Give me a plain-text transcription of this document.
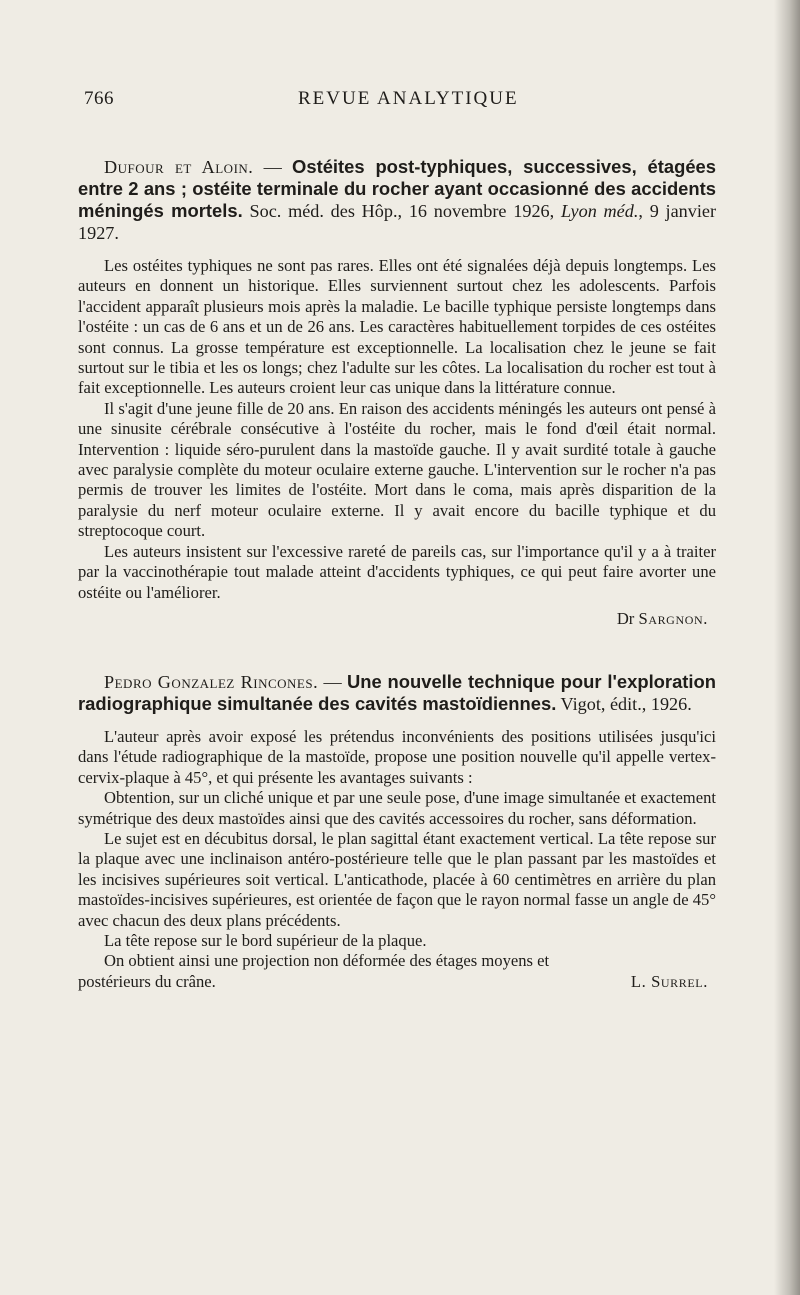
766	REVUE ANALYTIQUE
Dufour et Aloin. — Ostéites post-typhiques, successives, étagées entre 2 ans ; ostéite terminale du rocher ayant occasionné des accidents méningés mortels. Soc. méd. des Hôp., 16 novembre 1926, Lyon méd., 9 janvier 1927.

Les ostéites typhiques ne sont pas rares. Elles ont été signalées déjà depuis longtemps. Les auteurs en donnent un historique. Elles surviennent surtout chez les adolescents. Parfois l'accident apparaît plusieurs mois après la maladie. Le bacille typhique persiste longtemps dans l'ostéite : un cas de 6 ans et un de 26 ans. Les caractères habituellement torpides de ces ostéites sont connus. La grosse température est exceptionnelle. La localisation chez le jeune se fait surtout sur le tibia et les os longs; chez l'adulte sur les côtes. La localisation du rocher est tout à fait exceptionnelle. Les auteurs croient leur cas unique dans la littérature connue.

Il s'agit d'une jeune fille de 20 ans. En raison des accidents méningés les auteurs ont pensé à une sinusite cérébrale consécutive à l'ostéite du rocher, mais le fond d'œil était normal. Intervention : liquide séro-purulent dans la mastoïde gauche. Il y avait surdité totale à gauche avec paralysie complète du moteur oculaire externe gauche. L'intervention sur le rocher n'a pas permis de trouver les limites de l'ostéite. Mort dans le coma, mais après disparition de la paralysie du nerf moteur oculaire externe. Il y avait encore du bacille typhique et du streptocoque court.

Les auteurs insistent sur l'excessive rareté de pareils cas, sur l'importance qu'il y a à traiter par la vaccinothérapie tout malade atteint d'accidents typhiques, ce qui peut faire avorter une ostéite ou l'améliorer.

Dr Sargnon.
Pedro Gonzalez Rincones. — Une nouvelle technique pour l'exploration radiographique simultanée des cavités mastoïdiennes. Vigot, édit., 1926.

L'auteur après avoir exposé les prétendus inconvénients des positions utilisées jusqu'ici dans l'étude radiographique de la mastoïde, propose une position nouvelle qu'il appelle vertex-cervix-plaque à 45°, et qui présente les avantages suivants :

Obtention, sur un cliché unique et par une seule pose, d'une image simultanée et exactement symétrique des deux mastoïdes ainsi que des cavités accessoires du rocher, sans déformation.

Le sujet est en décubitus dorsal, le plan sagittal étant exactement vertical. La tête repose sur la plaque avec une inclinaison antéro-postérieure telle que le plan passant par les mastoïdes et les incisives supérieures soit vertical. L'anticathode, placée à 60 centimètres en arrière du plan mastoïdes-incisives supérieures, est orientée de façon que le rayon normal fasse un angle de 45° avec chacun des deux plans précédents.

La tête repose sur le bord supérieur de la plaque.

On obtient ainsi une projection non déformée des étages moyens et

postérieurs du crâne.	L. Surrel.
